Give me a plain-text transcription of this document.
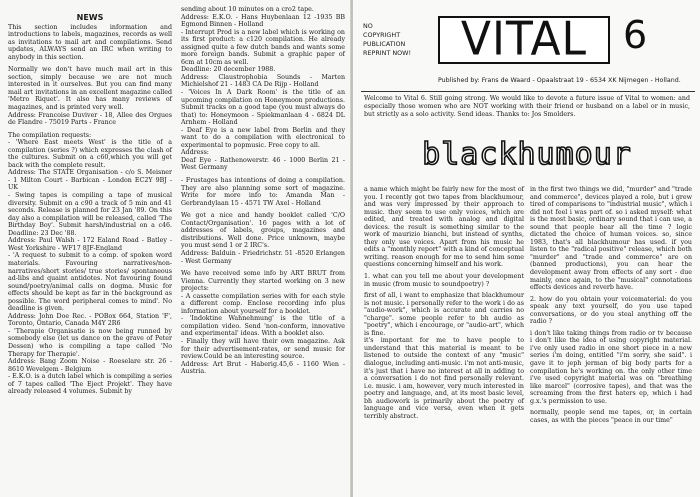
NEWS

This section includes information and introductions to labels, magazines, records as well as invitations to mail art and compilations. Send updates, ALWAYS send an IRC when writing to anybody in this section.

Normally we don't have much mail art in this section, simply because we are not much interested in it ourselves. But you can find many mail art invitations in an excellent magazine called 'Metro Riquet'. It also has many reviews of magazines, and is printed very well.

Address: Francoise Duviver - 18, Allee des Orgues de Flandre - 75019 Parts - France

The compilation requests:

- 'Where East meets West' is the title of a compilation (series ?) which expresses the clash of the cultures. Submit on a c60,which you will get back with the complete result.

Address: The STATE Organisation - c/o S. Meisner - 1 Milton Court - Barbican - London EC2Y 9BJ - UK

- Swing tapes is compiling a tape of musical diversity. Submit on a c90 a track of 5 min and 41 seconds. Release is planned for 23 Jan '89. On this day also a compilation will be released, called 'The Birthday Boy'. Submit harsh/industrial on a c46. Deadline: 23 Dec '88.

Address: Paul Walsh - 172 Ealand Road - Batley - West Yorkshire - WF17 8JF-England

- 'A request to submit to a comp. of spoken word materials. Favouring narratives/non-narratives/short stories/ true stories/ spontaneous ad-libs and quaint antidotes. Not favouring found sound/poetry/animal calls on dogma. Music for effects should be kept as far in the background as possible. The word peripheral comes to mind'. No deadline is given.

Address: John Doe Rec. - POBox 664, Station 'F', Toronto, Ontario, Canada M4Y 2R6

- 'Therapie Organisatie is now being runned by somebody else (let us dance on the grave of Peter Dessen) who is compiling a tape called 'No Therapy for Therapie'.

Address: Bang Zoom Noise - Roeselare str. 26 - 8610 Wevelgem - Belgium

- E.K.O. is a dutch label which is compiling a series of 7 tapes called 'The Eject Projekt'. They have already released 4 volumes. Submit by

sending about 10 minutes on a cro2 tape.

Address: E.K.O. - Hans Huybenlaan 12 -1935 BB Egmond Binnen - Holland

- Interrupt Prod is a new label which is working on its first product: a c120 compilation. He already assigned quite a few dutch bands and wants some more foreign bands. Submit a graphic paper of 6cm at 10cm as well.

Deadline: 20 december 1988.

Address: Claustrophobia Sounds - Marten Michielshof 21 - 1483 CA De Rijp - Holland

- 'Voices In A Dark Room' is the title of an upcoming compilation on Honeymoon productions. Submit tracks on a good tape (you must always do that) to: Honeymoon - Spiekmanlaan 4 - 6824 DL Arnhem - Holland

- Deaf Eye is a new label from Berlin and they want to do a compilation with electronical to experimental to popmusic. Free copy to all.

Address:

Deaf Eye - Rathenowerstr. 46 - 1000 Berlin 21 - West Germany

- Frustages has intentions of doing a compilation. They are also planning some sort of magazine. Write for more info to: Amanda Man - Gerbrandylaan 15 - 4571 TW Axel - Holland

We got a nice and handy booklet called 'C/O Contact/Organisation'. 16 pages with a lot of addresses of labels, groups, magazines and distributions. Well done. Price unknown, maybe you must send 1 or 2 IRC's.

Address: Balduin - Friedrichstr. 51 -8520 Erlangen - West Germany

We have received some info by ART BRUT from Vienna. Currently they started working on 3 new projects:

- A cassette compilation series with for each style a different comp. Enclose recording info plus information about yourself for a booklet.

- 'Indoktine Wahnehmung' is the title of a compilation video. Send 'non-conform, innovative and experimental' ideas. With a booklet also.

- Finally they will have their own magazine. Ask for their advertisement-rates, or send music for review.Could be an interesting source.

Address: Art Brut - Haberig.45,6 - 1160 Wien - Austria.

NO
COPYRIGHT
PUBLICATION
REPRINT NOW! VITAL 6
Published by: Frans de Waard - Opaalstraat 19 - 6534 XK Nijmegen - Holland.
Welcome to Vital 6. Still going strong. We would like to devote a future issue of Vital to women: and especially those women who are NOT working with their friend or husband on a label or in music, but strictly as a solo activity. Send ideas. Thanks to: Jos Smolders.
blackhumour

a name which might be fairly new for the most of you. I recently got two tapes from blackhumour, and was very impressed by their approach to music. they seem to use only voices, which are edited, and treated with analog and digital devices. the result is something similar to the work of maurizio bianchi, but instead of synths, they only use voices. Apart from his music he edits a "monthly report" with a kind of conceptual writing. reason enough for me to send him some questions concerning himself and his work.

1. what can you tell me about your development in music (from music to soundpoetry) ?

first of all, i want to emphasize that blackhumour is not music. i personally refer to the work i do as "audio-work", which is accurate and carries no "charge". some people refer to bh audio as "poetry", which i encourage, or "audio-art", which is fine.

it's important for me to have people to understand that this material is meant to be listened to outside the context of any "music" dialogue, including anti-music. i'm not anti-music, it's just that i have no interest at all in adding to a conversation i do not find personally relevant. i.e. music. i am, however, very much interested in poetry and language, and, at its most basic level, bh audiowork is primarily about the poetry of language and vice versa, even when it gets terribly abstract.

in the first two things we did, "murder" and "trade and commerce", devices played a role, but i grew tired of comparisons to "industrial music", which i did not feel i was part of. so i asked myself: what is the most basic, ordinary sound that i can use, a sound that people hear all the time ? logic dictated the choice of human voices. so, since 1983, that's all blackhumour has used. if you listen to the "radical positive" release, which both "murder" and "trade and commerce" are on (banned productions), you can hear the development away from effects of any sort - due mainly, once again, to the "musical" connotations effects devices and reverb have.

2. how do you obtain your voicematerial: do you speak any text yourself, do you use taped conversations, or do you steal anything off the radio ?

i don't like taking things from radio or tv because i don't like the idea of using copyright material. i've only used radio in one short piece in a new series i'm doing, entitled "i'm sorry, she said". i gave it to jeph jerman of big body parts for a compilation he's working on. the only other time i've used copyright material was on "breathing like marcel" (corrosive tapes), and that was the screaming from the first haters ep, which i had g.x.'s permission to use.

normally, people send me tapes, or, in certain cases, as with the pieces "peace in our time"
